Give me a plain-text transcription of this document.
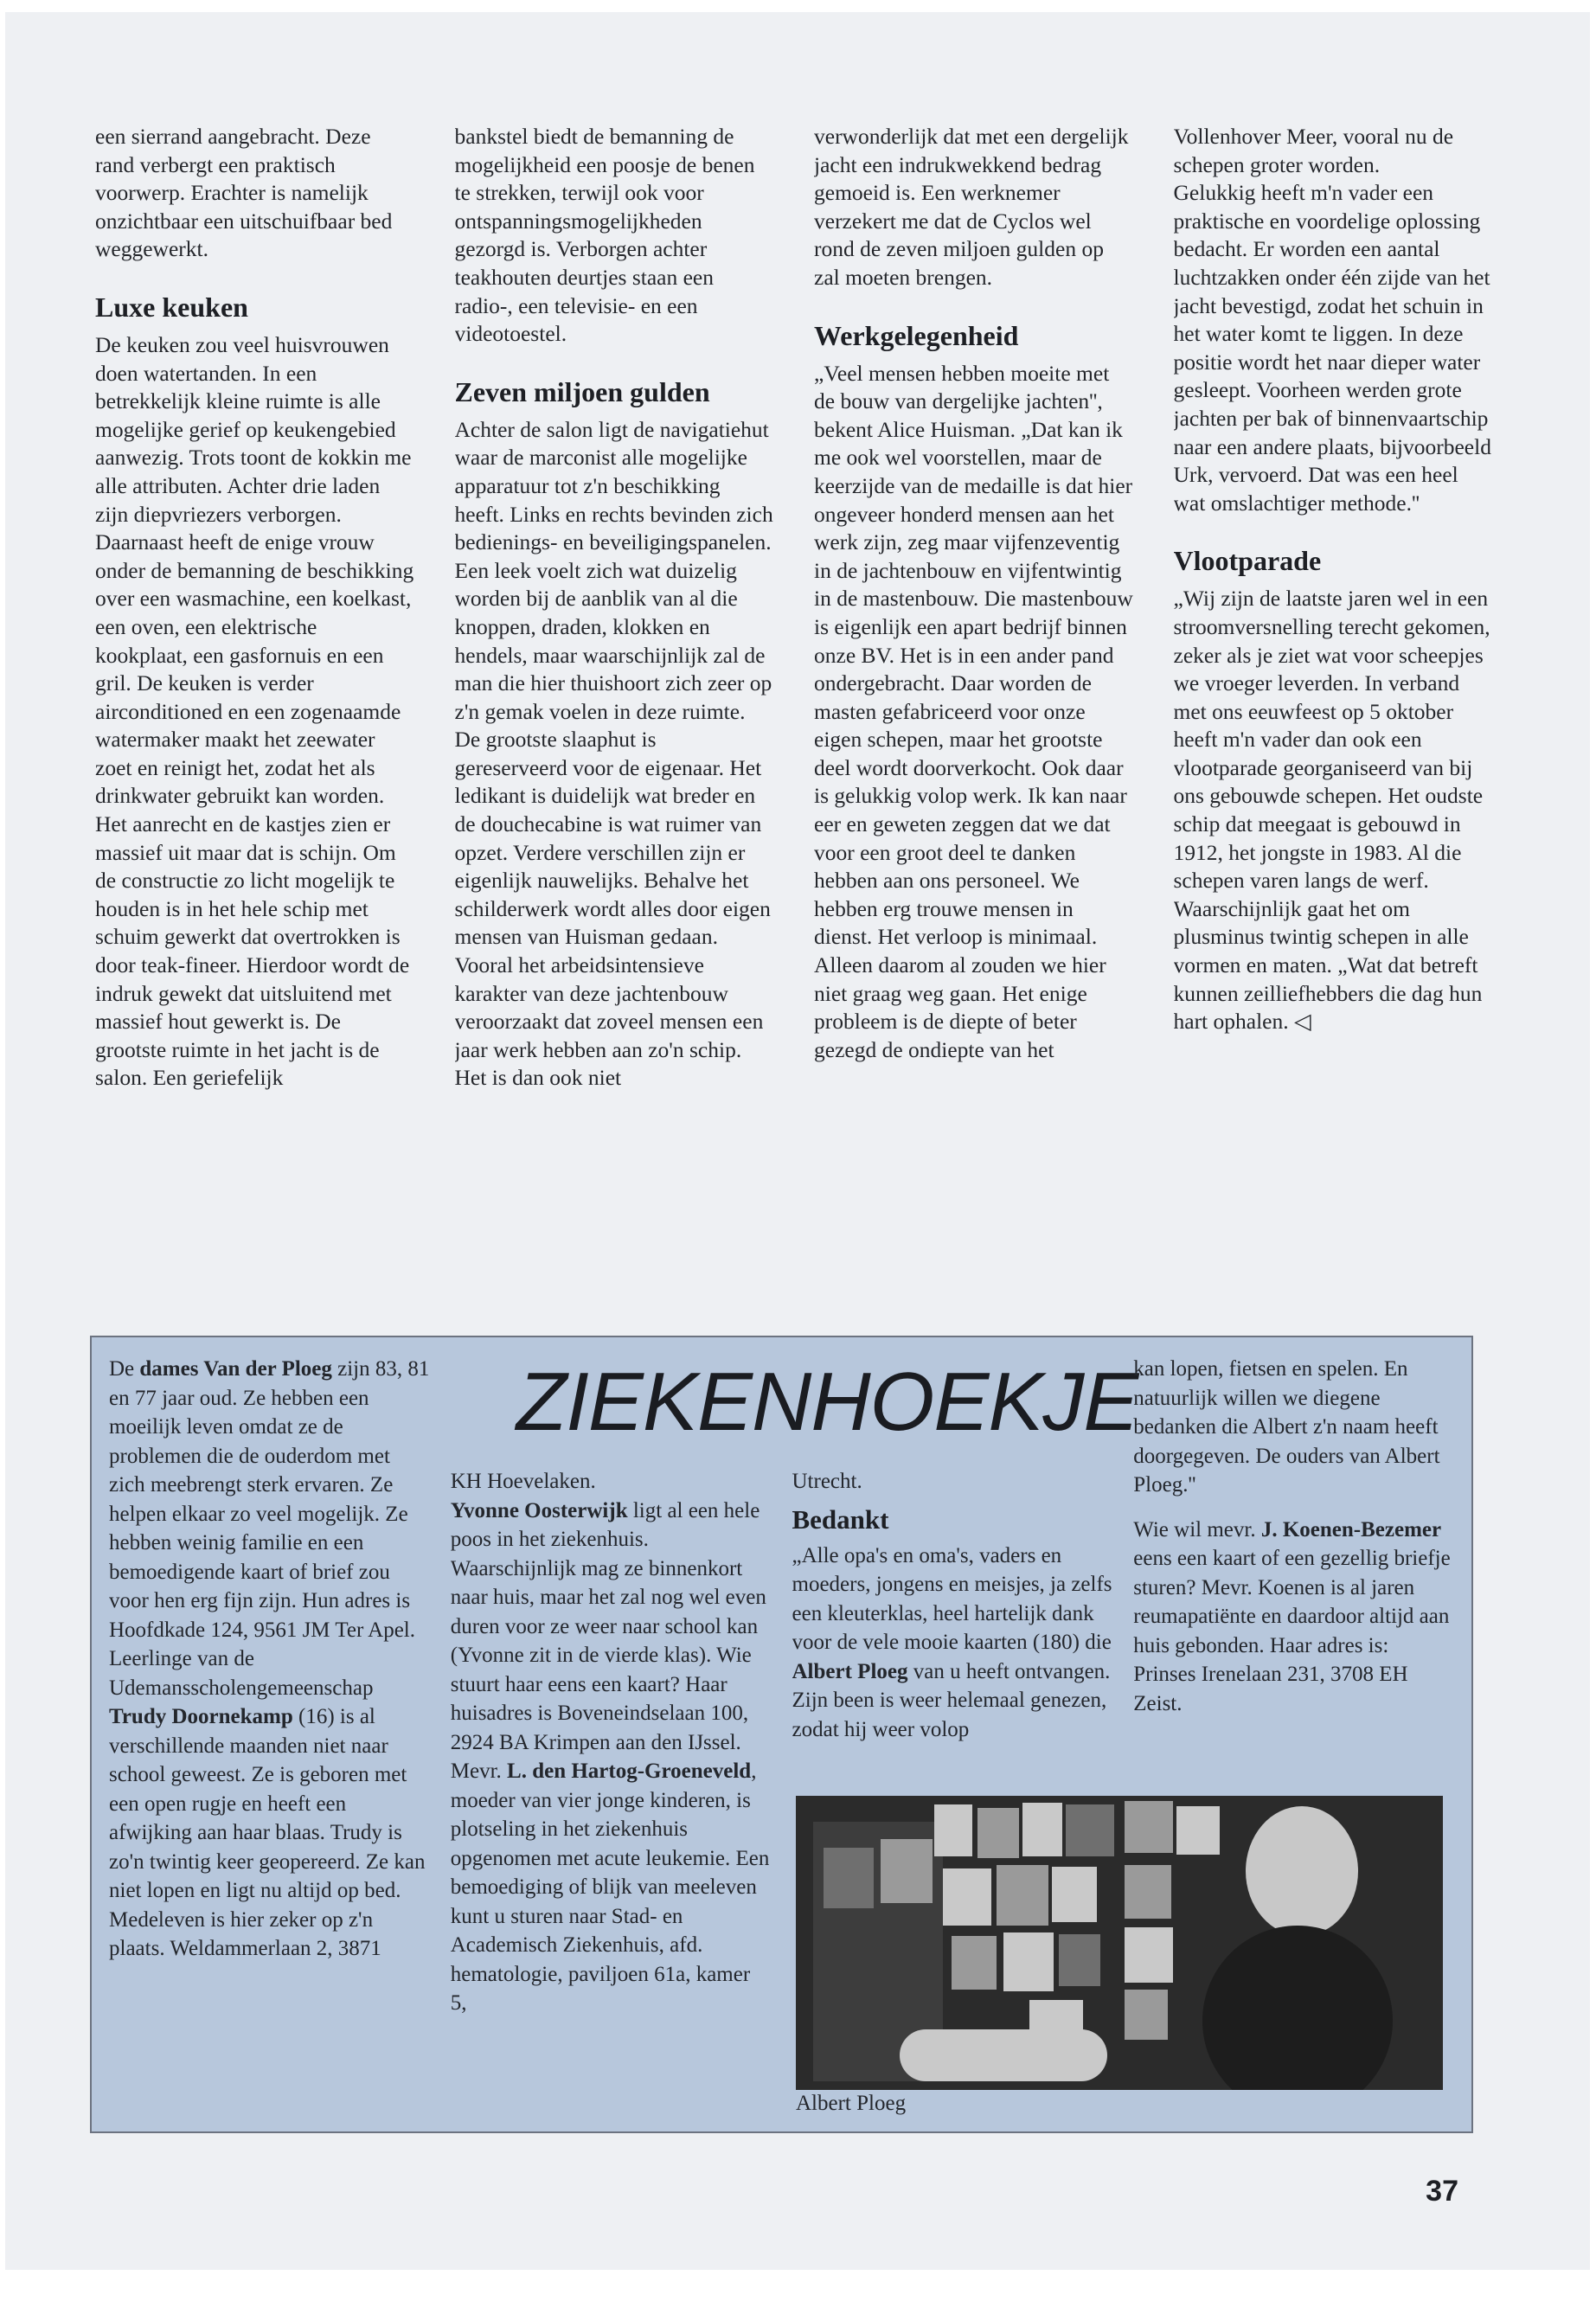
een sierrand aangebracht. Deze rand verbergt een praktisch voorwerp. Erachter is namelijk onzichtbaar een uitschuifbaar bed weggewerkt.

Luxe keuken

De keuken zou veel huisvrouwen doen watertanden. In een betrekkelijk kleine ruimte is alle mogelijke gerief op keukengebied aanwezig. Trots toont de kokkin me alle attributen. Achter drie laden zijn diepvriezers verborgen. Daarnaast heeft de enige vrouw onder de bemanning de beschikking over een wasmachine, een koelkast, een oven, een elektrische kookplaat, een gasfornuis en een gril. De keuken is verder airconditioned en een zogenaamde watermaker maakt het zeewater zoet en reinigt het, zodat het als drinkwater gebruikt kan worden.

Het aanrecht en de kastjes zien er massief uit maar dat is schijn. Om de constructie zo licht mogelijk te houden is in het hele schip met schuim gewerkt dat overtrokken is door teak-fineer. Hierdoor wordt de indruk gewekt dat uitsluitend met massief hout gewerkt is. De grootste ruimte in het jacht is de salon. Een geriefelijk

bankstel biedt de bemanning de mogelijkheid een poosje de benen te strekken, terwijl ook voor ontspanningsmogelijkheden gezorgd is. Verborgen achter teakhouten deurtjes staan een radio-, een televisie- en een videotoestel.

Zeven miljoen gulden

Achter de salon ligt de navigatiehut waar de marconist alle mogelijke apparatuur tot z'n beschikking heeft. Links en rechts bevinden zich bedienings- en beveiligingspanelen. Een leek voelt zich wat duizelig worden bij de aanblik van al die knoppen, draden, klokken en hendels, maar waarschijnlijk zal de man die hier thuishoort zich zeer op z'n gemak voelen in deze ruimte. De grootste slaaphut is gereserveerd voor de eigenaar. Het ledikant is duidelijk wat breder en de douchecabine is wat ruimer van opzet. Verdere verschillen zijn er eigenlijk nauwelijks. Behalve het schilderwerk wordt alles door eigen mensen van Huisman gedaan. Vooral het arbeidsintensieve karakter van deze jachtenbouw veroorzaakt dat zoveel mensen een jaar werk hebben aan zo'n schip. Het is dan ook niet

verwonderlijk dat met een dergelijk jacht een indrukwekkend bedrag gemoeid is. Een werknemer verzekert me dat de Cyclos wel rond de zeven miljoen gulden op zal moeten brengen.

Werkgelegenheid

„Veel mensen hebben moeite met de bouw van dergelijke jachten'', bekent Alice Huisman. „Dat kan ik me ook wel voorstellen, maar de keerzijde van de medaille is dat hier ongeveer honderd mensen aan het werk zijn, zeg maar vijfenzeventig in de jachtenbouw en vijfentwintig in de mastenbouw. Die mastenbouw is eigenlijk een apart bedrijf binnen onze BV. Het is in een ander pand ondergebracht. Daar worden de masten gefabriceerd voor onze eigen schepen, maar het grootste deel wordt doorverkocht. Ook daar is gelukkig volop werk. Ik kan naar eer en geweten zeggen dat we dat voor een groot deel te danken hebben aan ons personeel. We hebben erg trouwe mensen in dienst. Het verloop is minimaal. Alleen daarom al zouden we hier niet graag weg gaan. Het enige probleem is de diepte of beter gezegd de ondiepte van het

Vollenhover Meer, vooral nu de schepen groter worden.

Gelukkig heeft m'n vader een praktische en voordelige oplossing bedacht. Er worden een aantal luchtzakken onder één zijde van het jacht bevestigd, zodat het schuin in het water komt te liggen. In deze positie wordt het naar dieper water gesleept. Voorheen werden grote jachten per bak of binnenvaartschip naar een andere plaats, bijvoorbeeld Urk, vervoerd. Dat was een heel wat omslachtiger methode.''

Vlootparade

„Wij zijn de laatste jaren wel in een stroomversnelling terecht gekomen, zeker als je ziet wat voor scheepjes we vroeger leverden. In verband met ons eeuwfeest op 5 oktober heeft m'n vader dan ook een vlootparade georganiseerd van bij ons gebouwde schepen. Het oudste schip dat meegaat is gebouwd in 1912, het jongste in 1983. Al die schepen varen langs de werf. Waarschijnlijk gaat het om plusminus twintig schepen in alle vormen en maten. „Wat dat betreft kunnen zeilliefhebbers die dag hun hart ophalen. ◁

ZIEKENHOEKJE

De dames Van der Ploeg zijn 83, 81 en 77 jaar oud. Ze hebben een moeilijk leven omdat ze de problemen die de ouderdom met zich meebrengt sterk ervaren. Ze helpen elkaar zo veel mogelijk. Ze hebben weinig familie en een bemoedigende kaart of brief zou voor hen erg fijn zijn. Hun adres is Hoofdkade 124, 9561 JM Ter Apel.

Leerlinge van de Udemansscholengemeenschap Trudy Doornekamp (16) is al verschillende maanden niet naar school geweest. Ze is geboren met een open rugje en heeft een afwijking aan haar blaas. Trudy is zo'n twintig keer geopereerd. Ze kan niet lopen en ligt nu altijd op bed. Medeleven is hier zeker op z'n plaats. Weldammerlaan 2, 3871

KH Hoevelaken.

Yvonne Oosterwijk ligt al een hele poos in het ziekenhuis. Waarschijnlijk mag ze binnenkort naar huis, maar het zal nog wel even duren voor ze weer naar school kan (Yvonne zit in de vierde klas). Wie stuurt haar eens een kaart? Haar huisadres is Boveneindselaan 100, 2924 BA Krimpen aan den IJssel.

Mevr. L. den Hartog-Groeneveld, moeder van vier jonge kinderen, is plotseling in het ziekenhuis opgenomen met acute leukemie. Een bemoediging of blijk van meeleven kunt u sturen naar Stad- en Academisch Ziekenhuis, afd. hematologie, paviljoen 61a, kamer 5,

Utrecht.

Bedankt

„Alle opa's en oma's, vaders en moeders, jongens en meisjes, ja zelfs een kleuterklas, heel hartelijk dank voor de vele mooie kaarten (180) die Albert Ploeg van u heeft ontvangen. Zijn been is weer helemaal genezen, zodat hij weer volop

kan lopen, fietsen en spelen. En natuurlijk willen we diegene bedanken die Albert z'n naam heeft doorgegeven. De ouders van Albert Ploeg.''

Wie wil mevr. J. Koenen-Bezemer eens een kaart of een gezellig briefje sturen? Mevr. Koenen is al jaren reumapatiënte en daardoor altijd aan huis gebonden. Haar adres is: Prinses Irenelaan 231, 3708 EH Zeist.

Albert Ploeg
37
